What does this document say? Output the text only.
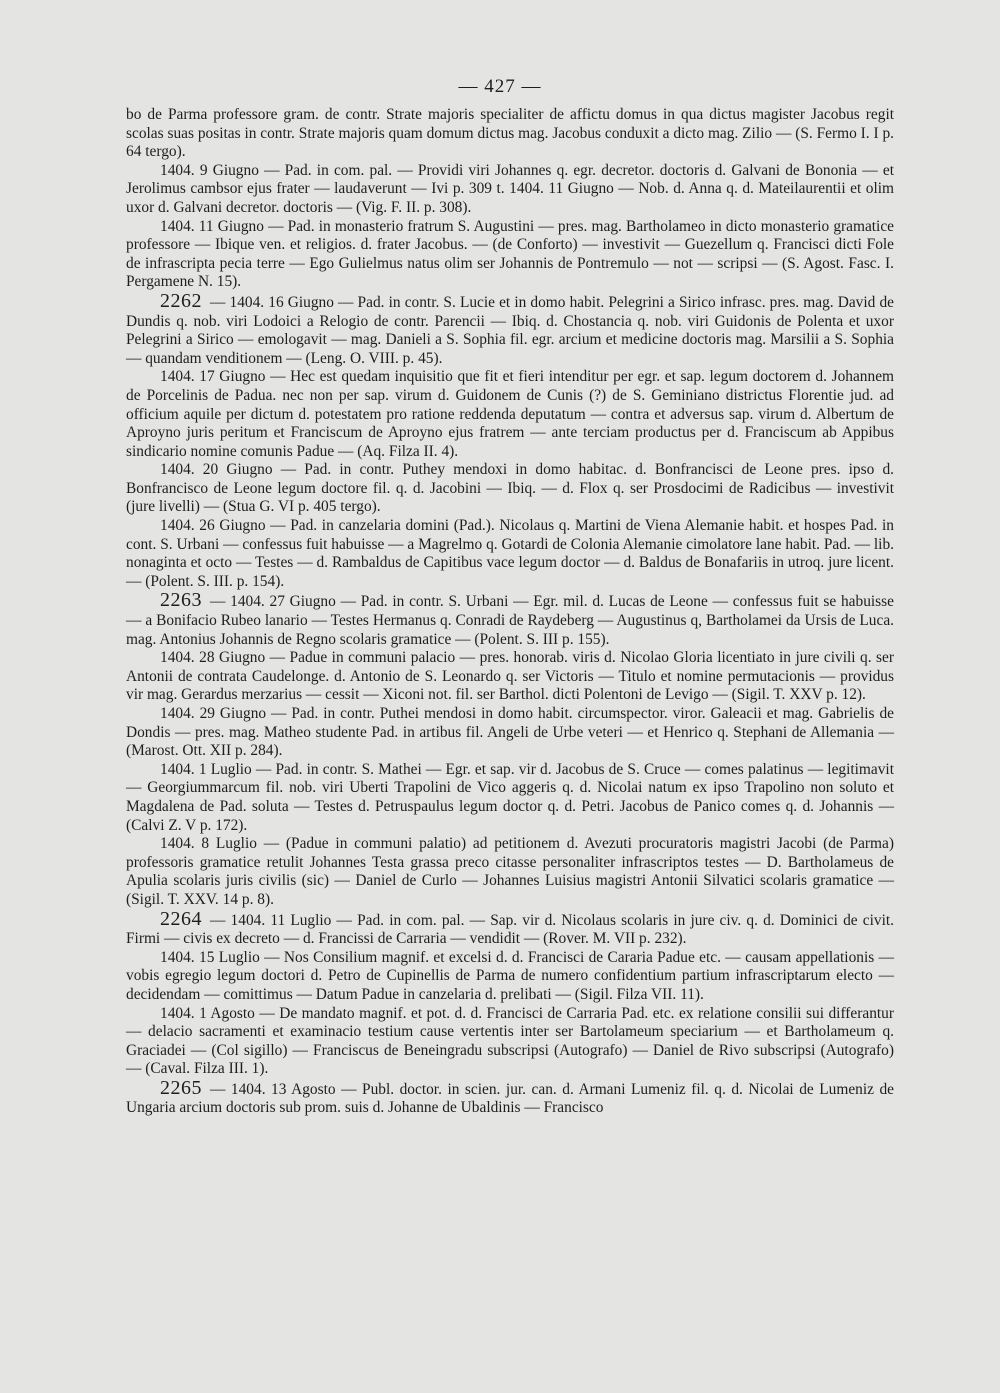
— 427 —

bo de Parma professore gram. de contr. Strate majoris specialiter de affictu domus in qua dictus magister Jacobus regit scolas suas positas in contr. Strate majoris quam domum dictus mag. Jacobus conduxit a dicto mag. Zilio — (S. Fermo I. I p. 64 tergo).

1404. 9 Giugno — Pad. in com. pal. — Providi viri Johannes q. egr. decretor. doctoris d. Galvani de Bononia — et Jerolimus cambsor ejus frater — laudaverunt — Ivi p. 309 t. 1404. 11 Giugno — Nob. d. Anna q. d. Mateilaurentii et olim uxor d. Galvani decretor. doctoris — (Vig. F. II. p. 308).

1404. 11 Giugno — Pad. in monasterio fratrum S. Augustini — pres. mag. Bartholameo in dicto monasterio gramatice professore — Ibique ven. et religios. d. frater Jacobus. — (de Conforto) — investivit — Guezellum q. Francisci dicti Fole de infrascripta pecia terre — Ego Gulielmus natus olim ser Johannis de Pontremulo — not — scripsi — (S. Agost. Fasc. I. Pergamene N. 15).

2262 — 1404. 16 Giugno — Pad. in contr. S. Lucie et in domo habit. Pelegrini a Sirico infrasc. pres. mag. David de Dundis q. nob. viri Lodoici a Relogio de contr. Parencii — Ibiq. d. Chostancia q. nob. viri Guidonis de Polenta et uxor Pelegrini a Sirico — emologavit — mag. Danieli a S. Sophia fil. egr. arcium et medicine doctoris mag. Marsilii a S. Sophia — quandam venditionem — (Leng. O. VIII. p. 45).

1404. 17 Giugno — Hec est quedam inquisitio que fit et fieri intenditur per egr. et sap. legum doctorem d. Johannem de Porcelinis de Padua. nec non per sap. virum d. Guidonem de Cunis (?) de S. Geminiano districtus Florentie jud. ad officium aquile per dictum d. potestatem pro ratione reddenda deputatum — contra et adversus sap. virum d. Albertum de Aproyno juris peritum et Franciscum de Aproyno ejus fratrem — ante terciam productus per d. Franciscum ab Appibus sindicario nomine comunis Padue — (Aq. Filza II. 4).

1404. 20 Giugno — Pad. in contr. Puthey mendoxi in domo habitac. d. Bonfrancisci de Leone pres. ipso d. Bonfrancisco de Leone legum doctore fil. q. d. Jacobini — Ibiq. — d. Flox q. ser Prosdocimi de Radicibus — investivit (jure livelli) — (Stua G. VI p. 405 tergo).

1404. 26 Giugno — Pad. in canzelaria domini (Pad.). Nicolaus q. Martini de Viena Alemanie habit. et hospes Pad. in cont. S. Urbani — confessus fuit habuisse — a Magrelmo q. Gotardi de Colonia Alemanie cimolatore lane habit. Pad. — lib. nonaginta et octo — Testes — d. Rambaldus de Capitibus vace legum doctor — d. Baldus de Bonafariis in utroq. jure licent. — (Polent. S. III. p. 154).

2263 — 1404. 27 Giugno — Pad. in contr. S. Urbani — Egr. mil. d. Lucas de Leone — confessus fuit se habuisse — a Bonifacio Rubeo lanario — Testes Hermanus q. Conradi de Raydeberg — Augustinus q, Bartholamei da Ursis de Luca. mag. Antonius Johannis de Regno scolaris gramatice — (Polent. S. III p. 155).

1404. 28 Giugno — Padue in communi palacio — pres. honorab. viris d. Nicolao Gloria licentiato in jure civili q. ser Antonii de contrata Caudelonge. d. Antonio de S. Leonardo q. ser Victoris — Titulo et nomine permutacionis — providus vir mag. Gerardus merzarius — cessit — Xiconi not. fil. ser Barthol. dicti Polentoni de Levigo — (Sigil. T. XXV p. 12).

1404. 29 Giugno — Pad. in contr. Puthei mendosi in domo habit. circumspector. viror. Galeacii et mag. Gabrielis de Dondis — pres. mag. Matheo studente Pad. in artibus fil. Angeli de Urbe veteri — et Henrico q. Stephani de Allemania — (Marost. Ott. XII p. 284).

1404. 1 Luglio — Pad. in contr. S. Mathei — Egr. et sap. vir d. Jacobus de S. Cruce — comes palatinus — legitimavit — Georgiummarcum fil. nob. viri Uberti Trapolini de Vico aggeris q. d. Nicolai natum ex ipso Trapolino non soluto et Magdalena de Pad. soluta — Testes d. Petruspaulus legum doctor q. d. Petri. Jacobus de Panico comes q. d. Johannis — (Calvi Z. V p. 172).

1404. 8 Luglio — (Padue in communi palatio) ad petitionem d. Avezuti procuratoris magistri Jacobi (de Parma) professoris gramatice retulit Johannes Testa grassa preco citasse personaliter infrascriptos testes — D. Bartholameus de Apulia scolaris juris civilis (sic) — Daniel de Curlo — Johannes Luisius magistri Antonii Silvatici scolaris gramatice — (Sigil. T. XXV. 14 p. 8).

2264 — 1404. 11 Luglio — Pad. in com. pal. — Sap. vir d. Nicolaus scolaris in jure civ. q. d. Dominici de civit. Firmi — civis ex decreto — d. Francissi de Carraria — vendidit — (Rover. M. VII p. 232).

1404. 15 Luglio — Nos Consilium magnif. et excelsi d. d. Francisci de Cararia Padue etc. — causam appellationis — vobis egregio legum doctori d. Petro de Cupinellis de Parma de numero confidentium partium infrascriptarum electo — decidendam — comittimus — Datum Padue in canzelaria d. prelibati — (Sigil. Filza VII. 11).

1404. 1 Agosto — De mandato magnif. et pot. d. d. Francisci de Carraria Pad. etc. ex relatione consilii sui differantur — delacio sacramenti et examinacio testium cause vertentis inter ser Bartolameum speciarium — et Bartholameum q. Graciadei — (Col sigillo) — Franciscus de Beneingradu subscripsi (Autografo) — Daniel de Rivo subscripsi (Autografo) — (Caval. Filza III. 1).

2265 — 1404. 13 Agosto — Publ. doctor. in scien. jur. can. d. Armani Lumeniz fil. q. d. Nicolai de Lumeniz de Ungaria arcium doctoris sub prom. suis d. Johanne de Ubaldinis — Francisco
